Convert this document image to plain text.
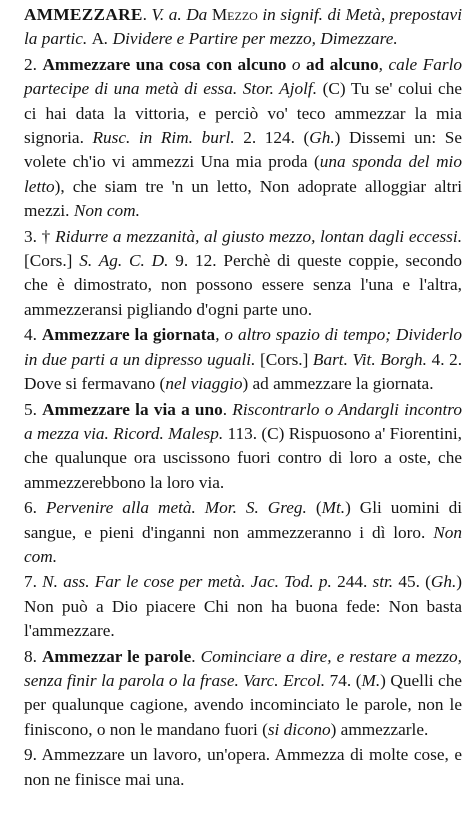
AMMEZZARE. V. a. Da Mezzo in signif. di Metà, prepostavi la partic. A. Dividere e Partire per mezzo, Dimezzare.

2. Ammezzare una cosa con alcuno o ad alcuno, cale Farlo partecipe di una metà di essa. Stor. Ajolf. (C) Tu se' colui che ci hai data la vittoria, e perciò vo' teco ammezzar la mia signoria. Rusc. in Rim. burl. 2. 124. (Gh.) Dissemi un: Se volete ch'io vi ammezzi Una mia proda (una sponda del mio letto), che siam tre 'n un letto, Non adoprate alloggiar altri mezzi. Non com.

3. † Ridurre a mezzanità, al giusto mezzo, lontan dagli eccessi. [Cors.] S. Ag. C. D. 9. 12. Perchè di queste coppie, secondo che è dimostrato, non possono essere senza l'una e l'altra, ammezzeransi pigliando d'ogni parte uno.

4. Ammezzare la giornata, o altro spazio di tempo; Dividerlo in due parti a un dipresso uguali. [Cors.] Bart. Vit. Borgh. 4. 2. Dove si fermavano (nel viaggio) ad ammezzare la giornata.

5. Ammezzare la via a uno. Riscontrarlo o Andargli incontro a mezza via. Ricord. Malesp. 113. (C) Rispuosono a' Fiorentini, che qualunque ora uscissono fuori contro di loro a oste, che ammezzerebbono la loro via.

6. Pervenire alla metà. Mor. S. Greg. (Mt.) Gli uomini di sangue, e pieni d'inganni non ammezzeranno i dì loro. Non com.

7. N. ass. Far le cose per metà. Jac. Tod. p. 244. str. 45. (Gh.) Non può a Dio piacere Chi non ha buona fede: Non basta l'ammezzare.

8. Ammezzar le parole. Cominciare a dire, e restare a mezzo, senza finir la parola o la frase. Varc. Ercol. 74. (M.) Quelli che per qualunque cagione, avendo incominciato le parole, non le finiscono, o non le mandano fuori (si dicono) ammezzarle.

9. Ammezzare un lavoro, un'opera. Ammezza di molte cose, e non ne finisce mai una.
